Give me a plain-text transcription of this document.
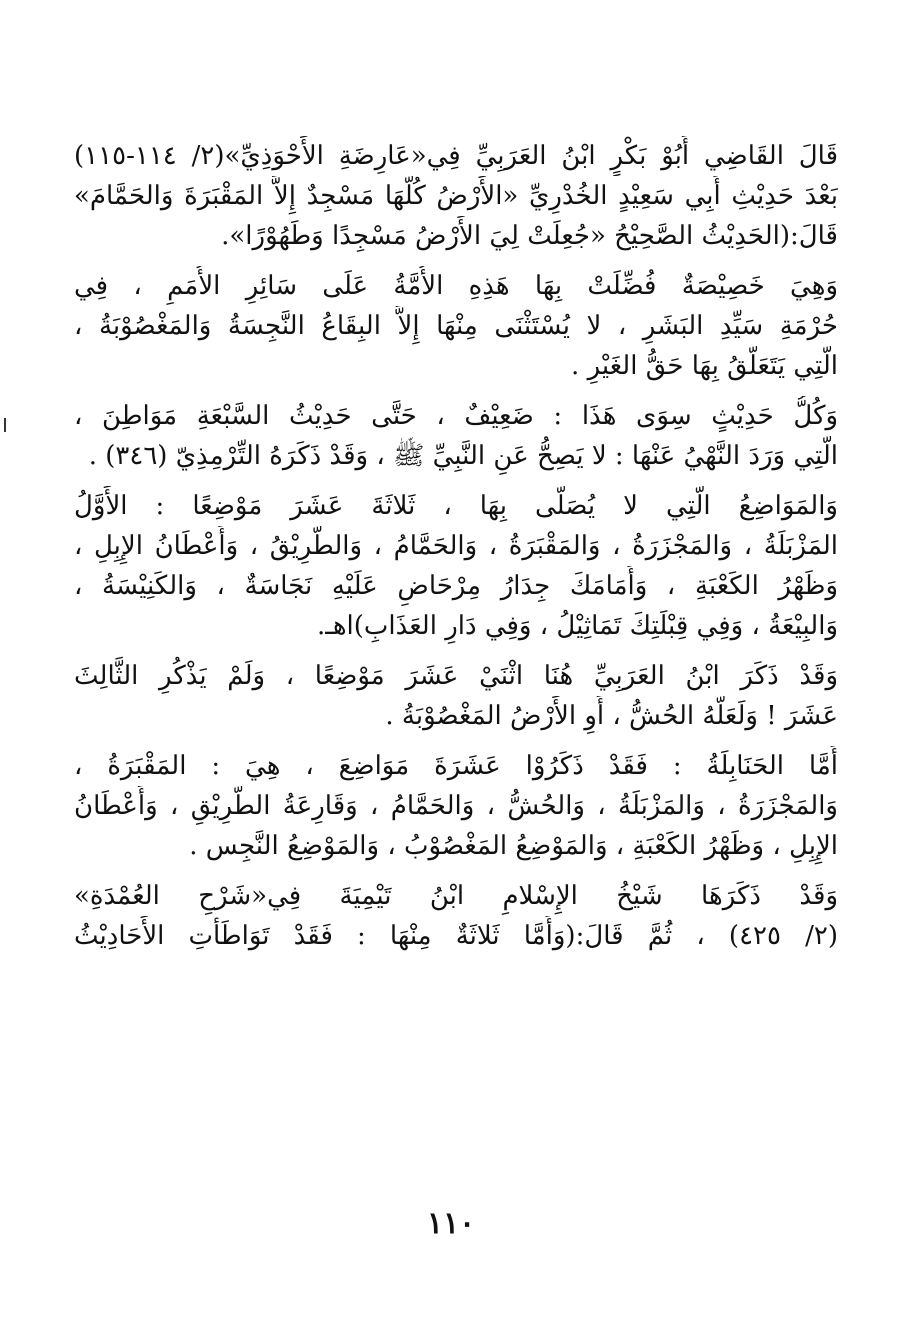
قَالَ القَاضِي أَبُوْ بَكْرٍ ابْنُ العَرَبِيِّ فِي«عَارِضَةِ الأَحْوَذِيِّ»(٢/ ١١٤-١١٥)
بَعْدَ حَدِيْثِ أَبِي سَعِيْدٍ الخُدْرِيِّ «الأَرْضُ كُلُّهَا مَسْجِدٌ إِلاَّ المَقْبَرَةَ وَالحَمَّامَ»
قَالَ:(الحَدِيْثُ الصَّحِيْحُ «جُعِلَتْ لِيَ الأَرْضُ مَسْجِدًا وَطَهُوْرًا».
وَهِيَ خَصِيْصَةٌ فُضِّلَتْ بِهَا هَذِهِ الأُمَّةُ عَلَى سَائِرِ الأُمَمِ ، فِي
حُرْمَةِ سَيِّدِ البَشَرِ ، لا يُسْتَثْنَى مِنْهَا إِلاَّ البِقَاعُ النَّجِسَةُ وَالمَغْصُوْبَةُ ،
الَّتِي يَتَعَلَّقُ بِهَا حَقُّ الغَيْرِ .
وَكُلُّ حَدِيْثٍ سِوَى هَذَا : ضَعِيْفٌ ، حَتَّى حَدِيْثُ السَّبْعَةِ مَوَاطِنَ ،
الَّتِي وَرَدَ النَّهْيُ عَنْهَا : لا يَصِحُّ عَنِ النَّبِيِّ ﷺ ، وَقَدْ ذَكَرَهُ التِّرْمِذِيّ (٣٤٦) .
وَالمَوَاضِعُ الَّتِي لا يُصَلَّى بِهَا ، ثَلاثَةَ عَشَرَ مَوْضِعًا : الأَوَّلُ
المَزْبَلَةُ ، وَالمَجْزَرَةُ ، وَالمَقْبَرَةُ ، وَالحَمَّامُ ، وَالطَّرِيْقُ ، وَأَعْطَانُ الإِبِلِ ،
وَظَهْرُ الكَعْبَةِ ، وَأَمَامَكَ جِدَارُ مِرْحَاضٍ عَلَيْهِ نَجَاسَةٌ ، وَالكَنِيْسَةُ ،
وَالبِيْعَةُ ، وَفِي قِبْلَتِكَ تَمَاثِيْلُ ، وَفِي دَارِ العَذَابِ)اهـ.
وَقَدْ ذَكَرَ ابْنُ العَرَبِيِّ هُنَا اثْنَيْ عَشَرَ مَوْضِعًا ، وَلَمْ يَذْكُرِ الثَّالِثَ
عَشَرَ ! وَلَعَلَّهُ الحُشُّ ، أَوِ الأَرْضُ المَغْصُوْبَةُ .
أَمَّا الحَنَابِلَةُ : فَقَدْ ذَكَرُوْا عَشَرَةَ مَوَاضِعَ ، هِيَ : المَقْبَرَةُ ،
وَالمَجْزَرَةُ ، وَالمَزْبَلَةُ ، وَالحُشُّ ، وَالحَمَّامُ ، وَقَارِعَةُ الطَّرِيْقِ ، وَأَعْطَانُ
الإِبِلِ ، وَظَهْرُ الكَعْبَةِ ، وَالمَوْضِعُ المَغْصُوْبُ ، وَالمَوْضِعُ النَّجِس .
وَقَدْ ذَكَرَهَا شَيْخُ الإِسْلامِ ابْنُ تَيْمِيَةَ فِي«شَرْحِ العُمْدَةِ»
(٢/ ٤٢٥) ، ثُمَّ قَالَ:(وَأَمَّا ثَلاثَةٌ مِنْهَا : فَقَدْ تَوَاطَأَتِ الأَحَادِيْثُ
١١٠
